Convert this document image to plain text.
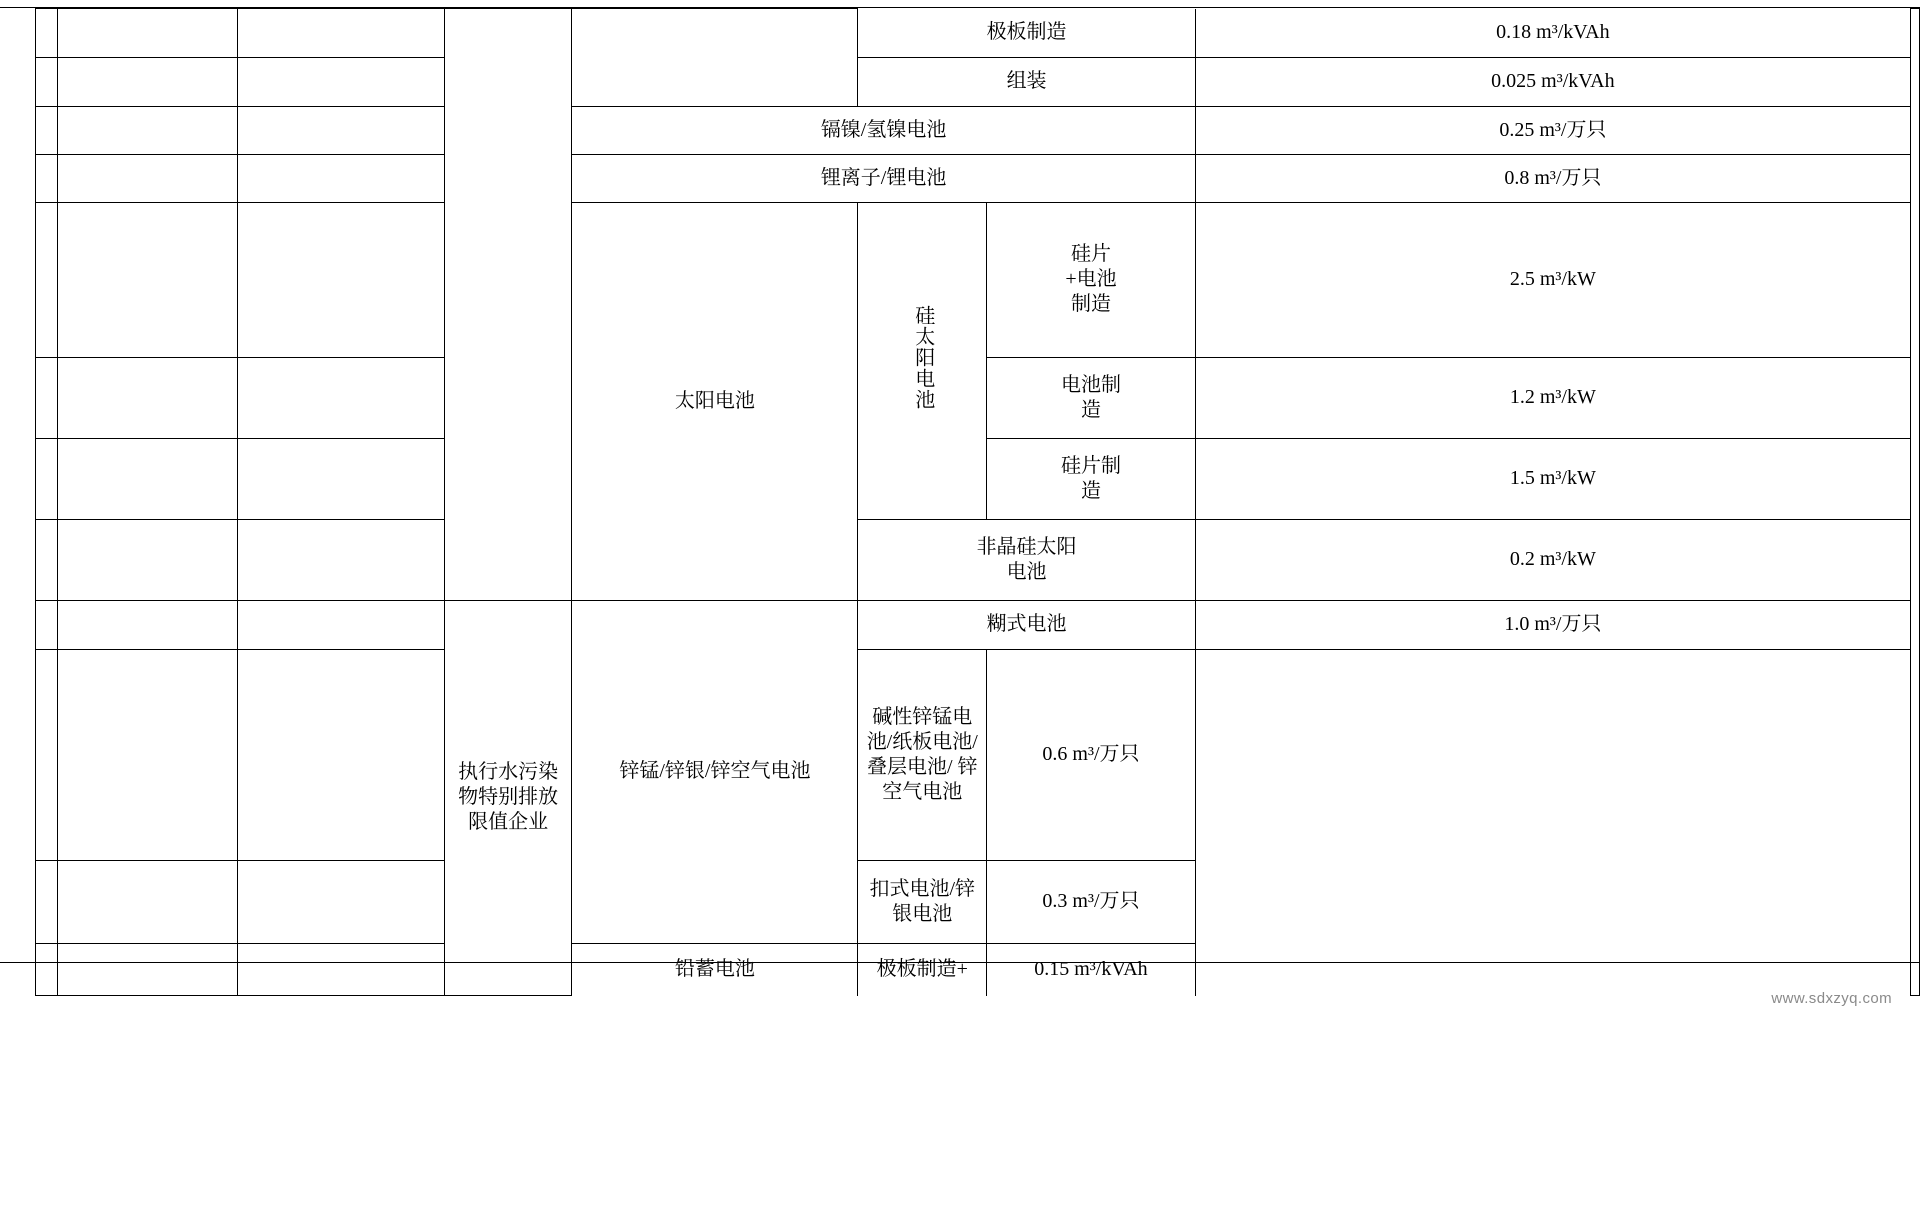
					极板制造		0.18 m³/kVAh	
					组装		0.025 m³/kVAh	
				镉镍/氢镍电池			0.25 m³/万只	
				锂离子/锂电池			0.8 m³/万只	
				太阳电池	硅太阳电池	硅片+电池制造	2.5 m³/kW	

						电池制造	1.2 m³/kW	

						硅片制造	1.5 m³/kW	

					非晶硅太阳电池		0.2 m³/kW	

			执行水污染物特别排放限值企业	锌锰/锌银/锌空气电池	糊式电池		1.0 m³/万只	

					碱性锌锰电池/纸板电池/叠层电池/ 锌空气电池	0.6 m³/万只		

					扣式电池/锌银电池	0.3 m³/万只		
				铅蓄电池	极板制造+	0.15 m³/kVAh		
www.sdxzyq.com
